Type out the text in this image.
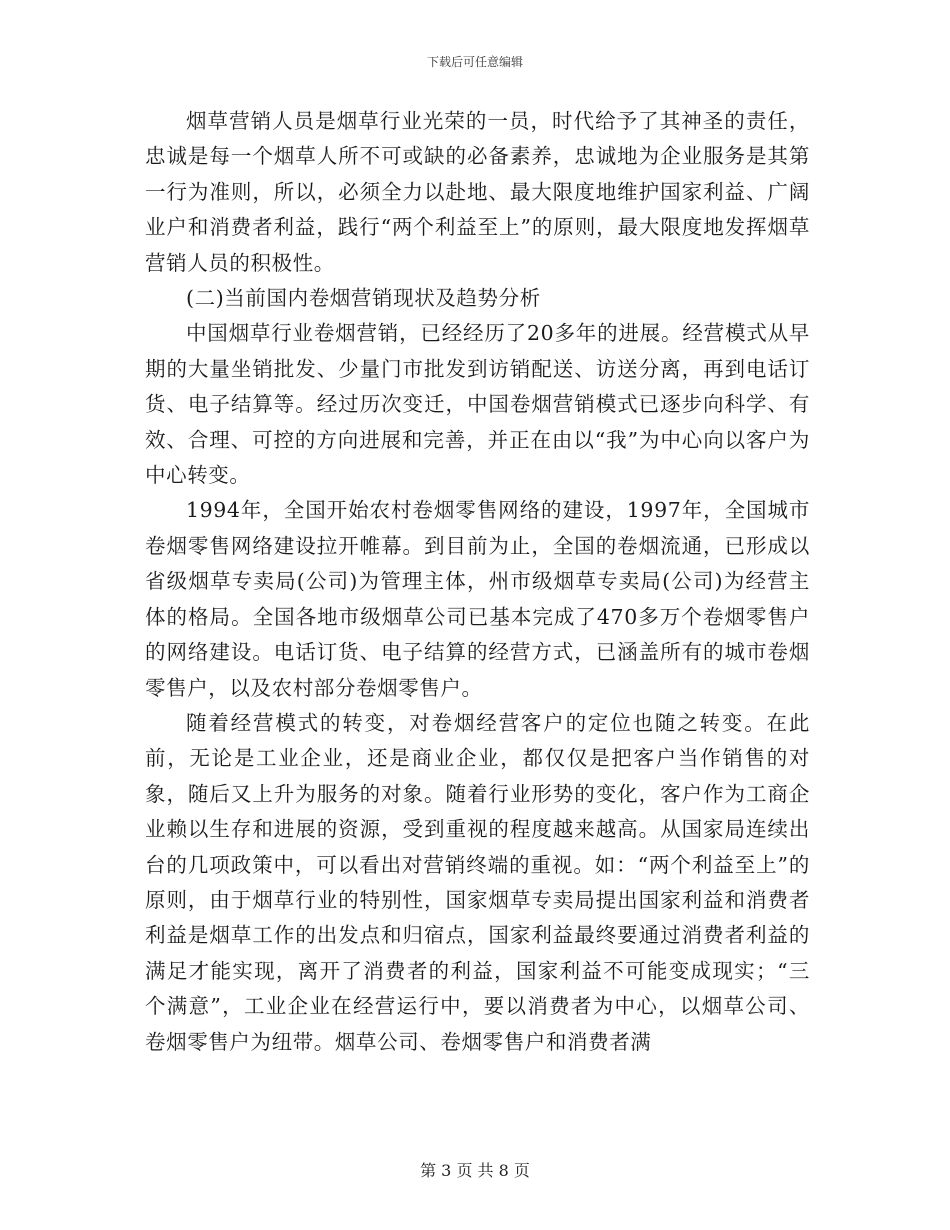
下载后可任意编辑

烟草营销人员是烟草行业光荣的一员，时代给予了其神圣的责任，忠诚是每一个烟草人所不可或缺的必备素养，忠诚地为企业服务是其第一行为准则，所以，必须全力以赴地、最大限度地维护国家利益、广阔业户和消费者利益，践行“两个利益至上”的原则，最大限度地发挥烟草营销人员的积极性。

(二)当前国内卷烟营销现状及趋势分析

中国烟草行业卷烟营销，已经经历了20多年的进展。经营模式从早期的大量坐销批发、少量门市批发到访销配送、访送分离，再到电话订货、电子结算等。经过历次变迁，中国卷烟营销模式已逐步向科学、有效、合理、可控的方向进展和完善，并正在由以“我”为中心向以客户为中心转变。

1994年，全国开始农村卷烟零售网络的建设，1997年，全国城市卷烟零售网络建设拉开帷幕。到目前为止，全国的卷烟流通，已形成以省级烟草专卖局(公司)为管理主体，州市级烟草专卖局(公司)为经营主体的格局。全国各地市级烟草公司已基本完成了470多万个卷烟零售户的网络建设。电话订货、电子结算的经营方式，已涵盖所有的城市卷烟零售户，以及农村部分卷烟零售户。

随着经营模式的转变，对卷烟经营客户的定位也随之转变。在此前，无论是工业企业，还是商业企业，都仅仅是把客户当作销售的对象，随后又上升为服务的对象。随着行业形势的变化，客户作为工商企业赖以生存和进展的资源，受到重视的程度越来越高。从国家局连续出台的几项政策中，可以看出对营销终端的重视。如：“两个利益至上”的原则，由于烟草行业的特别性，国家烟草专卖局提出国家利益和消费者利益是烟草工作的出发点和归宿点，国家利益最终要通过消费者利益的满足才能实现，离开了消费者的利益，国家利益不可能变成现实；“三个满意”，工业企业在经营运行中，要以消费者为中心，以烟草公司、卷烟零售户为纽带。烟草公司、卷烟零售户和消费者满

第 3 页 共 8 页
